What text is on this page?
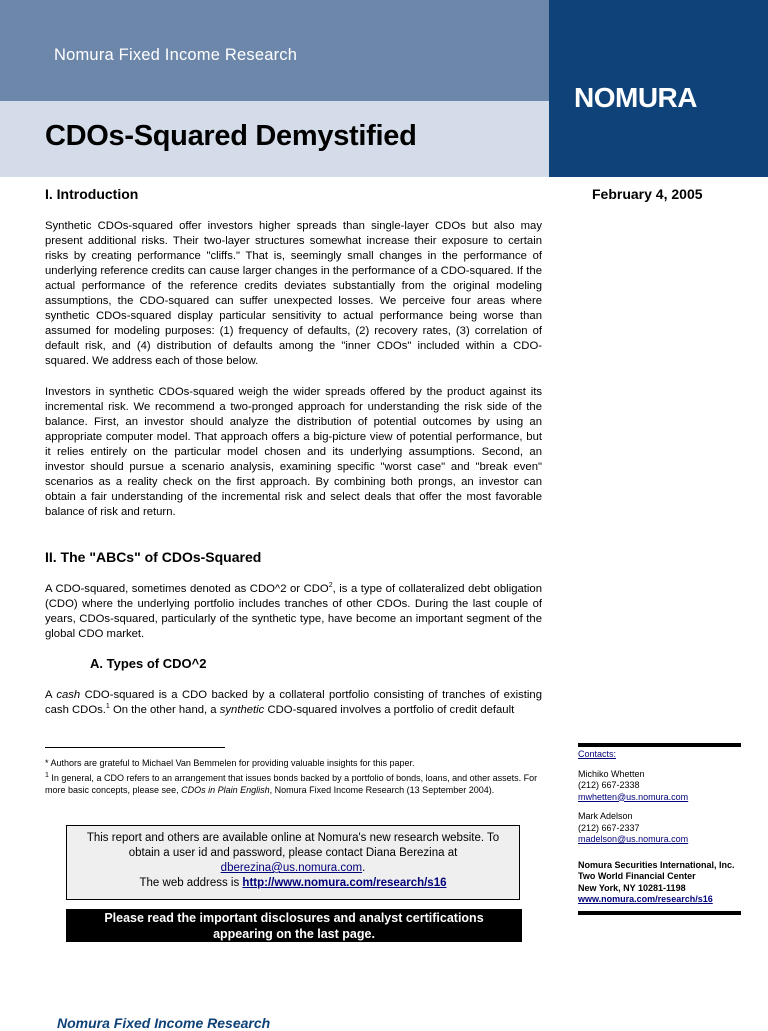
Nomura Fixed Income Research
CDOs-Squared Demystified
NOMURA
I. Introduction	February 4, 2005

Synthetic CDOs-squared offer investors higher spreads than single-layer CDOs but also may present additional risks. Their two-layer structures somewhat increase their exposure to certain risks by creating performance "cliffs." That is, seemingly small changes in the performance of underlying reference credits can cause larger changes in the performance of a CDO-squared. If the actual performance of the reference credits deviates substantially from the original modeling assumptions, the CDO-squared can suffer unexpected losses. We perceive four areas where synthetic CDOs-squared display particular sensitivity to actual performance being worse than assumed for modeling purposes: (1) frequency of defaults, (2) recovery rates, (3) correlation of default risk, and (4) distribution of defaults among the "inner CDOs" included within a CDO-squared. We address each of those below.

Investors in synthetic CDOs-squared weigh the wider spreads offered by the product against its incremental risk. We recommend a two-pronged approach for understanding the risk side of the balance. First, an investor should analyze the distribution of potential outcomes by using an appropriate computer model. That approach offers a big-picture view of potential performance, but it relies entirely on the particular model chosen and its underlying assumptions. Second, an investor should pursue a scenario analysis, examining specific "worst case" and "break even" scenarios as a reality check on the first approach. By combining both prongs, an investor can obtain a fair understanding of the incremental risk and select deals that offer the most favorable balance of risk and return.

II. The "ABCs" of CDOs-Squared

A CDO-squared, sometimes denoted as CDO^2 or CDO$^2$, is a type of collateralized debt obligation (CDO) where the underlying portfolio includes tranches of other CDOs. During the last couple of years, CDOs-squared, particularly of the synthetic type, have become an important segment of the global CDO market.

A. Types of CDO^2

A cash CDO-squared is a CDO backed by a collateral portfolio consisting of tranches of existing cash CDOs.$^1$ On the other hand, a synthetic CDO-squared involves a portfolio of credit default

* Authors are grateful to Michael Van Bemmelen for providing valuable insights for this paper.

$^1$ In general, a CDO refers to an arrangement that issues bonds backed by a portfolio of bonds, loans, and other assets. For more basic concepts, please see, CDOs in Plain English, Nomura Fixed Income Research (13 September 2004).

This report and others are available online at Nomura's new research website. To obtain a user id and password, please contact Diana Berezina at
dberezina@us.nomura.com.
The web address is http://www.nomura.com/research/s16
Please read the important disclosures and analyst certifications
appearing on the last page.
Contacts:
Michiko Whetten
(212) 667-2338
mwhetten@us.nomura.com
Mark Adelson
(212) 667-2337
madelson@us.nomura.com
Nomura Securities International, Inc.
Two World Financial Center
New York, NY 10281-1198
www.nomura.com/research/s16
Nomura Fixed Income Research
